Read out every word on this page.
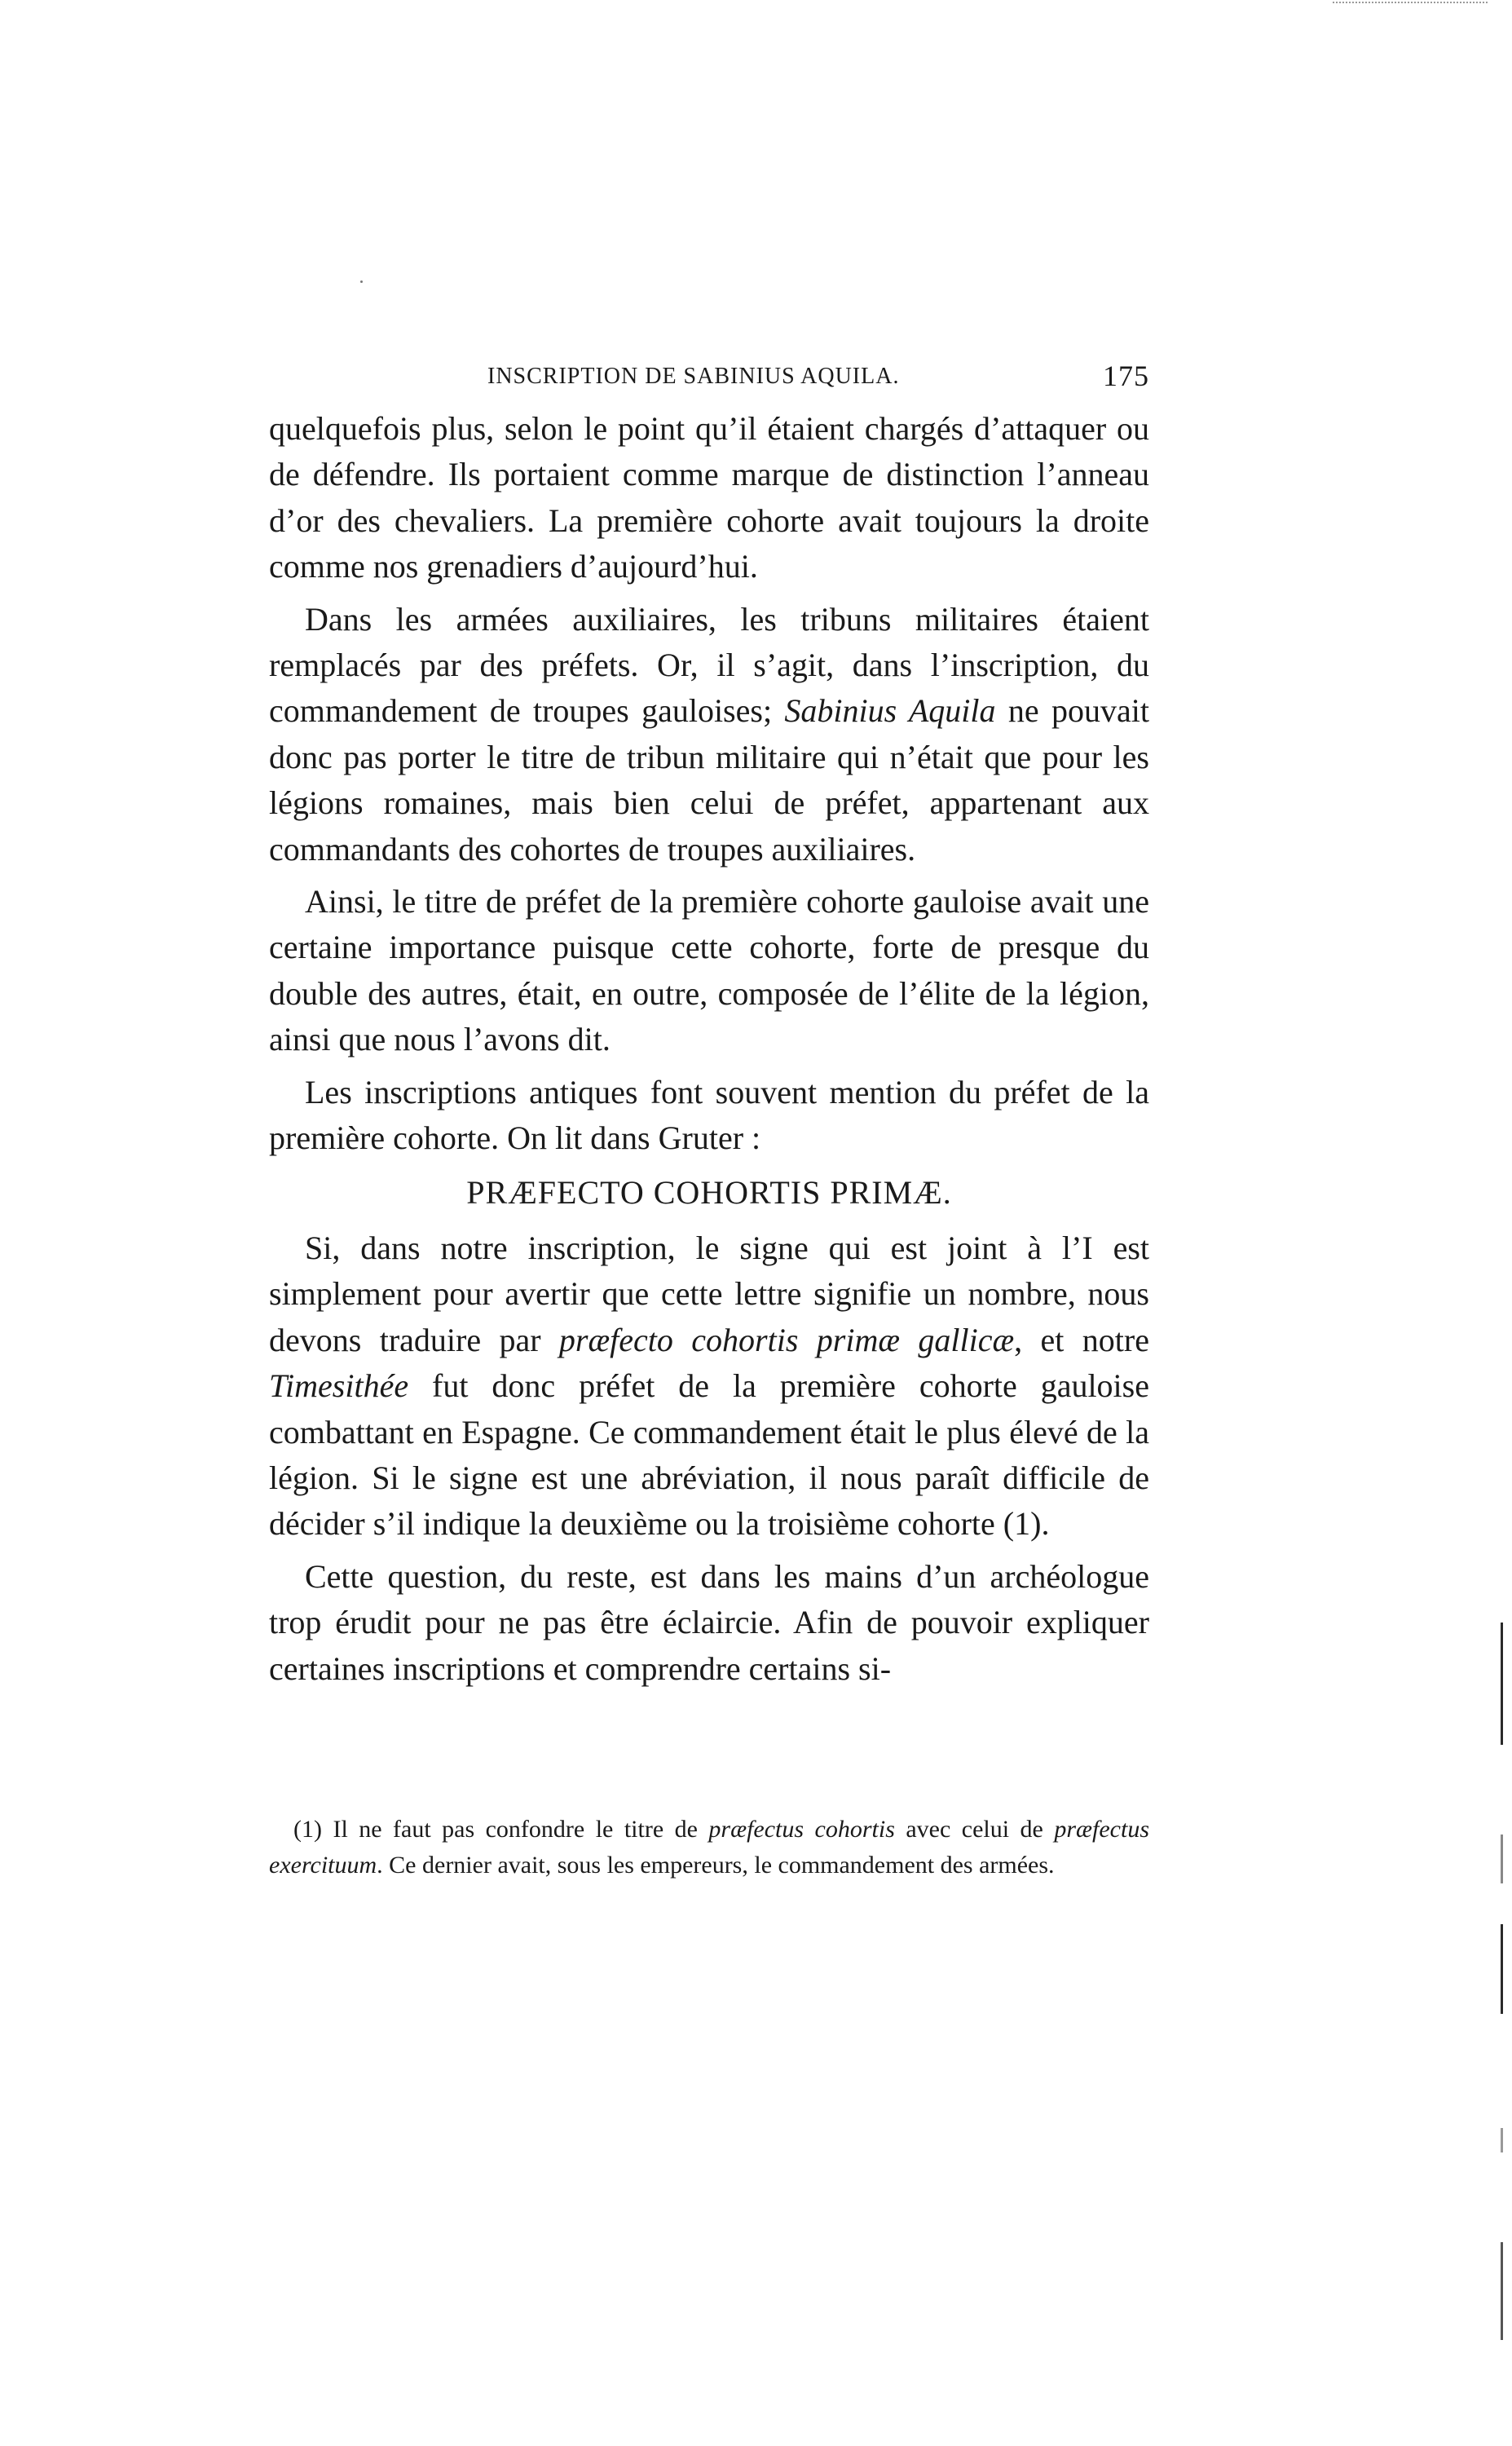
INSCRIPTION DE SABINIUS AQUILA.	175

quelquefois plus, selon le point qu’il étaient chargés d’attaquer ou de défendre. Ils portaient comme marque de distinction l’anneau d’or des chevaliers. La première cohorte avait toujours la droite comme nos grenadiers d’aujourd’hui.

Dans les armées auxiliaires, les tribuns militaires étaient remplacés par des préfets. Or, il s’agit, dans l’inscription, du commandement de troupes gauloises; Sabinius Aquila ne pouvait donc pas porter le titre de tribun militaire qui n’était que pour les légions romaines, mais bien celui de préfet, appartenant aux commandants des cohortes de troupes auxiliaires.

Ainsi, le titre de préfet de la première cohorte gauloise avait une certaine importance puisque cette cohorte, forte de presque du double des autres, était, en outre, composée de l’élite de la légion, ainsi que nous l’avons dit.

Les inscriptions antiques font souvent mention du préfet de la première cohorte. On lit dans Gruter :

PRÆFECTO COHORTIS PRIMÆ.

Si, dans notre inscription, le signe qui est joint à l’I est simplement pour avertir que cette lettre signifie un nombre, nous devons traduire par præfecto cohortis primæ gallicæ, et notre Timesithée fut donc préfet de la première cohorte gauloise combattant en Espagne. Ce commandement était le plus élevé de la légion. Si le signe est une abréviation, il nous paraît difficile de décider s’il indique la deuxième ou la troisième cohorte (1).

Cette question, du reste, est dans les mains d’un archéologue trop érudit pour ne pas être éclaircie. Afin de pouvoir expliquer certaines inscriptions et comprendre certains si-

(1) Il ne faut pas confondre le titre de præfectus cohortis avec celui de præfectus exercituum. Ce dernier avait, sous les empereurs, le commandement des armées.
